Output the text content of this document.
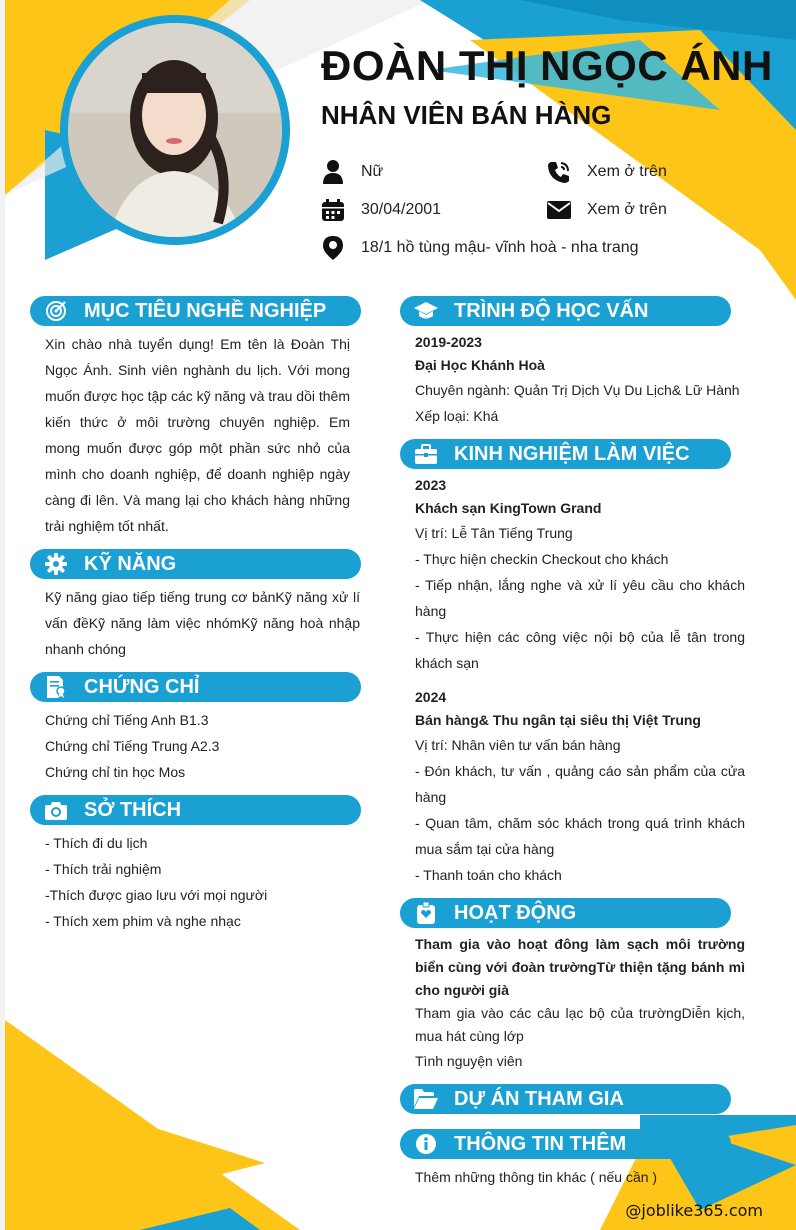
ĐOÀN THỊ NGỌC ÁNH
NHÂN VIÊN BÁN HÀNG
Nữ	Xem ở trên
30/04/2001	Xem ở trên
18/1 hồ tùng mậu- vĩnh hoà - nha trang
MỤC TIÊU NGHỀ NGHIỆP
Xin chào nhà tuyển dụng! Em tên là Đoàn Thị Ngọc Ánh. Sinh viên nghành du lịch. Với mong muốn được học tập các kỹ năng và trau dồi thêm kiến thức ở môi trường chuyên nghiệp. Em mong muốn được góp một phần sức nhỏ của mình cho doanh nghiệp, để doanh nghiệp ngày càng đi lên. Và mang lại cho khách hàng những trải nghiệm tốt nhất.
KỸ NĂNG
Kỹ năng giao tiếp tiếng trung cơ bảnKỹ năng xử lí vấn đềKỹ năng làm việc nhómKỹ năng hoà nhập nhanh chóng
CHỨNG CHỈ
Chứng chỉ Tiếng Anh B1.3
Chứng chỉ Tiếng Trung A2.3
Chứng chỉ tin học Mos
SỞ THÍCH
- Thích đi du lịch
- Thích trải nghiệm
-Thích được giao lưu với mọi người
- Thích xem phim và nghe nhạc
TRÌNH ĐỘ HỌC VẤN
2019-2023
Đại Học Khánh Hoà
Chuyên ngành: Quản Trị Dịch Vụ Du Lịch& Lữ Hành
Xếp loại: Khá
KINH NGHIỆM LÀM VIỆC
2023
Khách sạn KingTown Grand
Vị trí: Lễ Tân Tiếng Trung
- Thực hiện checkin Checkout cho khách
- Tiếp nhận, lắng nghe và xử lí yêu cầu cho khách hàng
- Thực hiện các công việc nội bộ của lễ tân trong khách sạn
2024
Bán hàng& Thu ngân tại siêu thị Việt Trung
Vị trí: Nhân viên tư vấn bán hàng
- Đón khách, tư vấn , quảng cáo sản phẩm của cửa hàng
- Quan tâm, chăm sóc khách trong quá trình khách mua sắm tại cửa hàng
- Thanh toán cho khách
HOẠT ĐỘNG
Tham gia vào hoạt đông làm sạch môi trường biển cùng với đoàn trườngTừ thiện tặng bánh mì cho người già
Tham gia vào các câu lạc bộ của trườngDiễn kịch, mua hát cùng lớp
Tình nguyện viên
DỰ ÁN THAM GIA
THÔNG TIN THÊM
Thêm những thông tin khác ( nếu cần )
@joblike365.com
